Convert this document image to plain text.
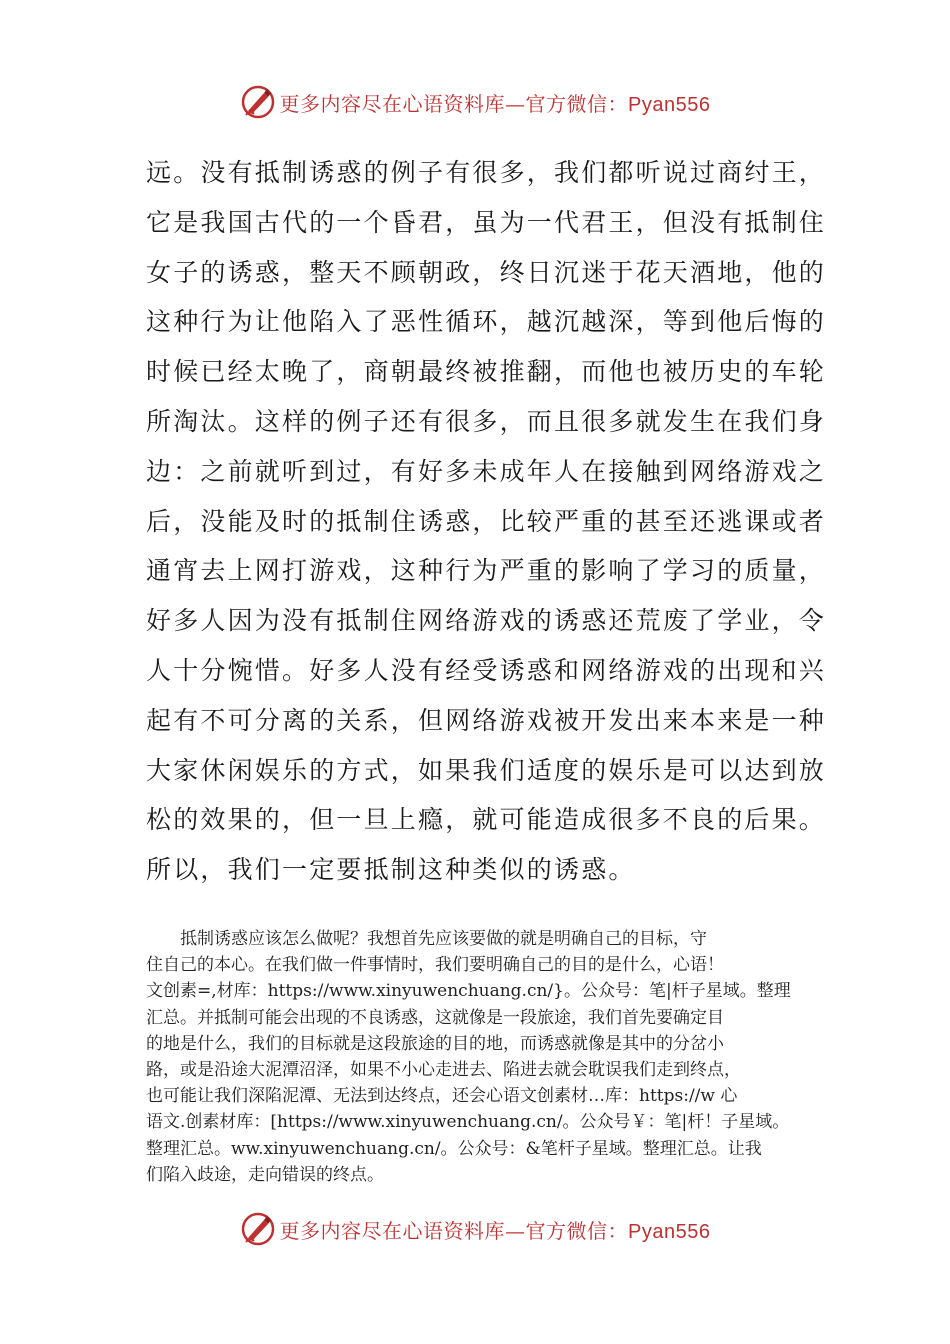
更多内容尽在心语资料库—官方微信：Pyan556
远。没有抵制诱惑的例子有很多，我们都听说过商纣王，
它是我国古代的一个昏君，虽为一代君王，但没有抵制住
女子的诱惑，整天不顾朝政，终日沉迷于花天酒地，他的
这种行为让他陷入了恶性循环，越沉越深，等到他后悔的
时候已经太晚了，商朝最终被推翻，而他也被历史的车轮
所淘汰。这样的例子还有很多，而且很多就发生在我们身
边：之前就听到过，有好多未成年人在接触到网络游戏之
后，没能及时的抵制住诱惑，比较严重的甚至还逃课或者
通宵去上网打游戏，这种行为严重的影响了学习的质量，
好多人因为没有抵制住网络游戏的诱惑还荒废了学业，令
人十分惋惜。好多人没有经受诱惑和网络游戏的出现和兴
起有不可分离的关系，但网络游戏被开发出来本来是一种
大家休闲娱乐的方式，如果我们适度的娱乐是可以达到放
松的效果的，但一旦上瘾，就可能造成很多不良的后果。
所以，我们一定要抵制这种类似的诱惑。
　　抵制诱惑应该怎么做呢？我想首先应该要做的就是明确自己的目标，守
住自己的本心。在我们做一件事情时，我们要明确自己的目的是什么，心语！
文创素=,材库：https://www.xinyuwenchuang.cn/}。公众号：笔|杆子星域。整理
汇总。并抵制可能会出现的不良诱惑，这就像是一段旅途，我们首先要确定目
的地是什么，我们的目标就是这段旅途的目的地，而诱惑就像是其中的分岔小
路，或是沿途大泥潭沼泽，如果不小心走进去、陷进去就会耽误我们走到终点，
也可能让我们深陷泥潭、无法到达终点，还会心语文创素材…库：https://w 心
语文.创素材库：[https://www.xinyuwenchuang.cn/。公众号￥：笔|杆！子星域。
整理汇总。ww.xinyuwenchuang.cn/。公众号：&笔杆子星域。整理汇总。让我
们陷入歧途，走向错误的终点。
更多内容尽在心语资料库—官方微信：Pyan556
